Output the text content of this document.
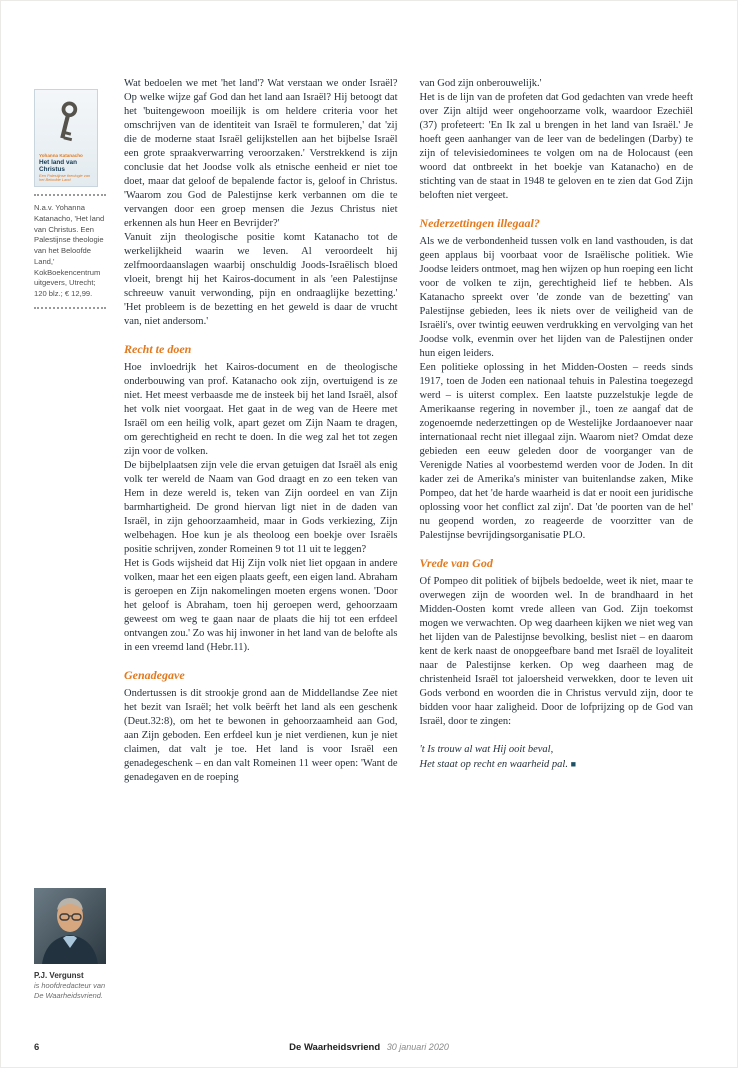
Yohanna Katanacho
Het land van Christus
Een Palestijnse theologie van het Beloofde Land
N.a.v. Yohanna Katanacho, 'Het land van Christus. Een Palestijnse theologie van het Beloofde Land,' KokBoekencentrum uitgevers, Utrecht; 120 blz.; € 12,99.
P.J. Vergunst
is hoofdredacteur van De Waarheidsvriend.

Wat bedoelen we met 'het land'? Wat verstaan we onder Israël? Op welke wijze gaf God dan het land aan Israël? Hij betoogt dat het 'buitengewoon moeilijk is om heldere criteria voor het omschrijven van de identiteit van Israël te formuleren,' dat 'zij die de moderne staat Israël gelijkstellen aan het bijbelse Israël een grote spraakverwarring veroorzaken.' Verstrekkend is zijn conclusie dat het Joodse volk als etnische eenheid er niet toe doet, maar dat geloof de bepalende factor is, geloof in Christus. 'Waarom zou God de Palestijnse kerk verbannen om die te vervangen door een groep mensen die Jezus Christus niet erkennen als hun Heer en Bevrijder?'

Vanuit zijn theologische positie komt Katanacho tot de werkelijkheid waarin we leven. Al veroordeelt hij zelfmoordaanslagen waarbij onschuldig Joods-Israëlisch bloed vloeit, brengt hij het Kairos-document in als 'een Palestijnse schreeuw vanuit verwonding, pijn en ondraaglijke bezetting.' 'Het probleem is de bezetting en het geweld is daar de vrucht van, niet andersom.'

Recht te doen

Hoe invloedrijk het Kairos-document en de theologische onderbouwing van prof. Katanacho ook zijn, overtuigend is ze niet. Het meest verbaasde me de insteek bij het land Israël, alsof het volk niet voorgaat. Het gaat in de weg van de Heere met Israël om een heilig volk, apart gezet om Zijn Naam te dragen, om gerechtigheid en recht te doen. In die weg zal het tot zegen zijn voor de volken.

De bijbelplaatsen zijn vele die ervan getuigen dat Israël als enig volk ter wereld de Naam van God draagt en zo een teken van Hem in deze wereld is, teken van Zijn oordeel en van Zijn barmhartigheid. De grond hiervan ligt niet in de daden van Israël, in zijn gehoorzaamheid, maar in Gods verkiezing, Zijn welbehagen. Hoe kun je als theoloog een boekje over Israëls positie schrijven, zonder Romeinen 9 tot 11 uit te leggen?

Het is Gods wijsheid dat Hij Zijn volk niet liet opgaan in andere volken, maar het een eigen plaats geeft, een eigen land. Abraham is geroepen en Zijn nakomelingen moeten ergens wonen. 'Door het geloof is Abraham, toen hij geroepen werd, gehoorzaam geweest om weg te gaan naar de plaats die hij tot een erfdeel ontvangen zou.' Zo was hij inwoner in het land van de belofte als in een vreemd land (Hebr.11).

Genadegave

Ondertussen is dit strookje grond aan de Middellandse Zee niet het bezit van Israël; het volk beërft het land als een geschenk (Deut.32:8), om het te bewonen in gehoorzaamheid aan God, aan Zijn geboden. Een erfdeel kun je niet verdienen, kun je niet claimen, dat valt je toe. Het land is voor Israël een genadegeschenk – en dan valt Romeinen 11 weer open: 'Want de genadegaven en de roeping

van God zijn onberouwelijk.'

Het is de lijn van de profeten dat God gedachten van vrede heeft over Zijn altijd weer ongehoorzame volk, waardoor Ezechiël (37) profeteert: 'En Ik zal u brengen in het land van Israël.' Je hoeft geen aanhanger van de leer van de bedelingen (Darby) te zijn of televisiedominees te volgen om na de Holocaust (een woord dat ontbreekt in het boekje van Katanacho) en de stichting van de staat in 1948 te geloven en te zien dat God Zijn beloften niet vergeet.

Nederzettingen illegaal?

Als we de verbondenheid tussen volk en land vasthouden, is dat geen applaus bij voorbaat voor de Israëlische politiek. Wie Joodse leiders ontmoet, mag hen wijzen op hun roeping een licht voor de volken te zijn, gerechtigheid lief te hebben. Als Katanacho spreekt over 'de zonde van de bezetting' van Palestijnse gebieden, lees ik niets over de veiligheid van de Israëli's, over twintig eeuwen verdrukking en vervolging van het Joodse volk, evenmin over het lijden van de Palestijnen onder hun eigen leiders.

Een politieke oplossing in het Midden-Oosten – reeds sinds 1917, toen de Joden een nationaal tehuis in Palestina toegezegd werd – is uiterst complex. Een laatste puzzelstukje legde de Amerikaanse regering in november jl., toen ze aangaf dat de zogenoemde nederzettingen op de Westelijke Jordaanoever naar internationaal recht niet illegaal zijn. Waarom niet? Omdat deze gebieden een eeuw geleden door de voorganger van de Verenigde Naties al voorbestemd werden voor de Joden. In dit kader zei de Amerika's minister van buitenlandse zaken, Mike Pompeo, dat het 'de harde waarheid is dat er nooit een juridische oplossing voor het conflict zal zijn'. Dat 'de poorten van de hel' nu geopend worden, zo reageerde de voorzitter van de Palestijnse bevrijdingsorganisatie PLO.

Vrede van God

Of Pompeo dit politiek of bijbels bedoelde, weet ik niet, maar te overwegen zijn de woorden wel. In de brandhaard in het Midden-Oosten komt vrede alleen van God. Zijn toekomst mogen we verwachten. Op weg daarheen kijken we niet weg van het lijden van de Palestijnse bevolking, beslist niet – en daarom kent de kerk naast de onopgeefbare band met Israël de loyaliteit naar de Palestijnse kerken. Op weg daarheen mag de christenheid Israël tot jaloersheid verwekken, door te leven uit Gods verbond en woorden die in Christus vervuld zijn, door te bidden voor haar zaligheid. Door de lofprijzing op de God van Israël, door te zingen:

't Is trouw al wat Hij ooit beval,
Het staat op recht en waarheid pal. ■
6	De Waarheidsvriend 30 januari 2020
